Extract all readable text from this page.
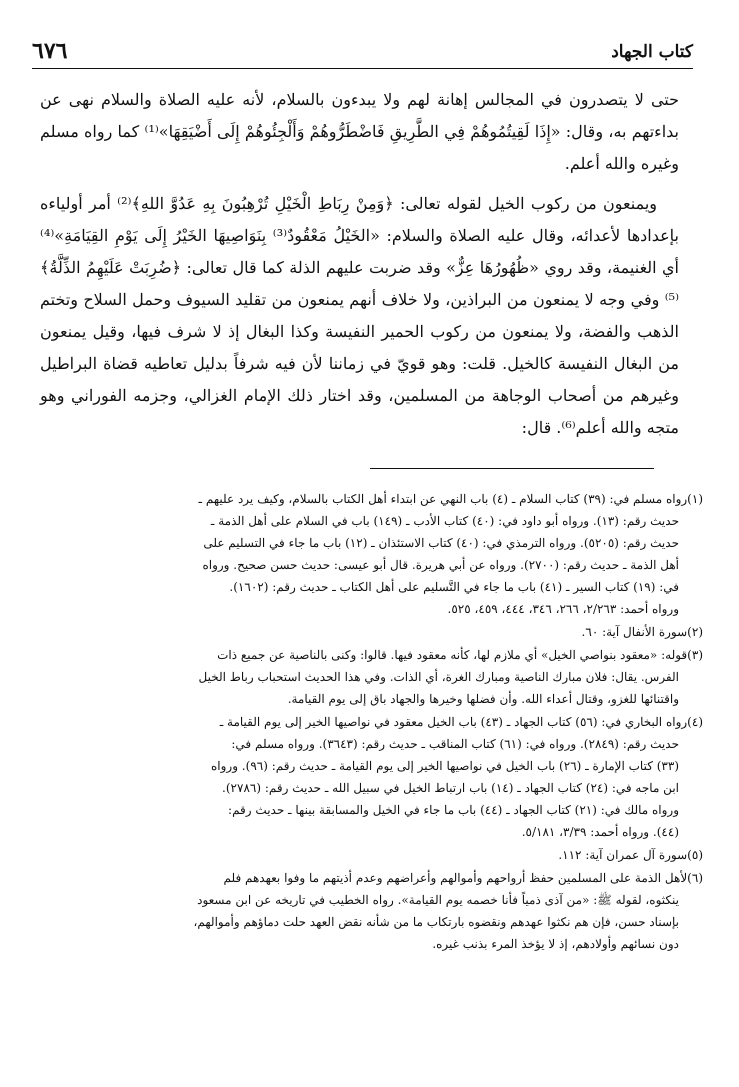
كتاب الجهاد
٦٧٦

حتى لا يتصدرون في المجالس إهانة لهم ولا يبدءون بالسلام، لأنه عليه الصلاة والسلام نهى عن بداءتهم به، وقال: «إِذَا لَقِيتُمُوهُمْ فِي الطَّرِيقِ فَاضْطَرُّوهُمْ وَأَلْجِئُوهُمْ إِلَى أَضْيَقِهَا»⁽¹⁾ كما رواه مسلم وغيره والله أعلم.

ويمنعون من ركوب الخيل لقوله تعالى: ﴿وَمِنْ رِبَاطِ الْخَيْلِ تُرْهِبُونَ بِهِ عَدُوَّ اللهِ﴾⁽²⁾ أمر أولياءه بإعدادها لأعدائه، وقال عليه الصلاة والسلام: «الخَيْلُ مَعْقُودٌ⁽³⁾ بِنَوَاصِيهَا الخَيْرُ إِلَى يَوْمِ القِيَامَةِ»⁽⁴⁾ أي الغنيمة، وقد روي «ظُهُورُهَا عِزٌّ» وقد ضربت عليهم الذلة كما قال تعالى: ﴿ضُرِبَتْ عَلَيْهِمُ الذِّلَّةُ﴾⁽⁵⁾ وفي وجه لا يمنعون من البراذين، ولا خلاف أنهم يمنعون من تقليد السيوف وحمل السلاح وتختم الذهب والفضة، ولا يمنعون من ركوب الحمير النفيسة وكذا البغال إذ لا شرف فيها، وقيل يمنعون من البغال النفيسة كالخيل. قلت: وهو قويّ في زماننا لأن فيه شرفاً بدليل تعاطيه قضاة البراطيل وغيرهم من أصحاب الوجاهة من المسلمين، وقد اختار ذلك الإمام الغزالي، وجزمه الفوراني وهو متجه والله أعلم⁽⁶⁾. قال:

(١)رواه مسلم في: (٣٩) كتاب السلام ـ (٤) باب النهي عن ابتداء أهل الكتاب بالسلام، وكيف يرد عليهم ـ
حديث رقم: (١٣). ورواه أبو داود في: (٤٠) كتاب الأدب ـ (١٤٩) باب في السلام على أهل الذمة ـ
حديث رقم: (٥٢٠٥). ورواه الترمذي في: (٤٠) كتاب الاستئذان ـ (١٢) باب ما جاء في التسليم على
أهل الذمة ـ حديث رقم: (٢٧٠٠). ورواه عن أبي هريرة. قال أبو عيسى: حديث حسن صحيح. ورواه
في: (١٩) كتاب السير ـ (٤١) باب ما جاء في التَّسليم على أهل الكتاب ـ حديث رقم: (١٦٠٢).
ورواه أحمد: ٢/٢٦٣، ٢٦٦، ٣٤٦، ٤٤٤، ٤٥٩، ٥٢٥.
(٢)سورة الأنفال آية: ٦٠.
(٣)قوله: «معقود بنواصي الخيل» أي ملازم لها، كأنه معقود فيها. قالوا: وكنى بالناصية عن جميع ذات
الفرس. يقال: فلان مبارك الناصية ومبارك الغرة، أي الذات. وفي هذا الحديث استحباب رباط الخيل
واقتنائها للغزو، وقتال أعداء الله. وأن فضلها وخيرها والجهاد باق إلى يوم القيامة.
(٤)رواه البخاري في: (٥٦) كتاب الجهاد ـ (٤٣) باب الخيل معقود في نواصيها الخير إلى يوم القيامة ـ
حديث رقم: (٢٨٤٩). ورواه في: (٦١) كتاب المناقب ـ حديث رقم: (٣٦٤٣). ورواه مسلم في:
(٣٣) كتاب الإمارة ـ (٢٦) باب الخيل في نواصيها الخير إلى يوم القيامة ـ حديث رقم: (٩٦). ورواه
ابن ماجه في: (٢٤) كتاب الجهاد ـ (١٤) باب ارتباط الخيل في سبيل الله ـ حديث رقم: (٢٧٨٦).
ورواه مالك في: (٢١) كتاب الجهاد ـ (٤٤) باب ما جاء في الخيل والمسابقة بينها ـ حديث رقم:
(٤٤). ورواه أحمد: ٣/٣٩، ٥/١٨١.
(٥)سورة آل عمران آية: ١١٢.
(٦)لأهل الذمة على المسلمين حفظ أرواحهم وأموالهم وأعراضهم وعدم أذيتهم ما وفوا بعهدهم فلم
ينكثوه، لقوله ﷺ: «من آذى ذمياً فأنا خصمه يوم القيامة». رواه الخطيب في تاريخه عن ابن مسعود
بإسناد حسن، فإن هم نكثوا عهدهم ونقضوه بارتكاب ما من شأنه نقض العهد حلت دماؤهم وأموالهم،
دون نسائهم وأولادهم، إذ لا يؤخذ المرء بذنب غيره.
